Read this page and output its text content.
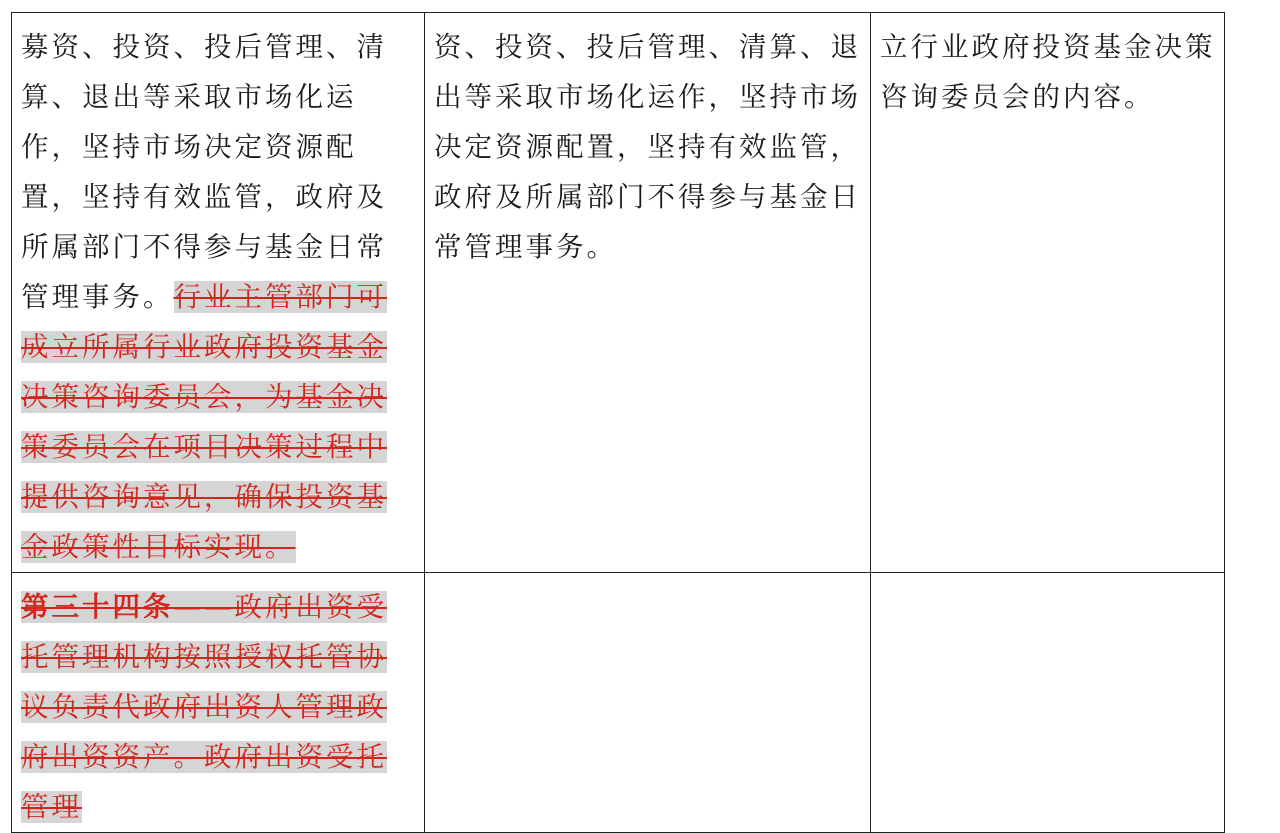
募资、投资、投后管理、清算、退出等采取市场化运作，坚持市场决定资源配置，坚持有效监管，政府及所属部门不得参与基金日常管理事务。行业主管部门可成立所属行业政府投资基金决策咨询委员会，为基金决策委员会在项目决策过程中提供咨询意见，确保投资基金政策性目标实现。	资、投资、投后管理、清算、退出等采取市场化运作，坚持市场决定资源配置，坚持有效监管，政府及所属部门不得参与基金日常管理事务。	立行业政府投资基金决策咨询委员会的内容。
第三十四条——政府出资受托管理机构按照授权托管协议负责代政府出资人管理政府出资资产。政府出资受托管理		
